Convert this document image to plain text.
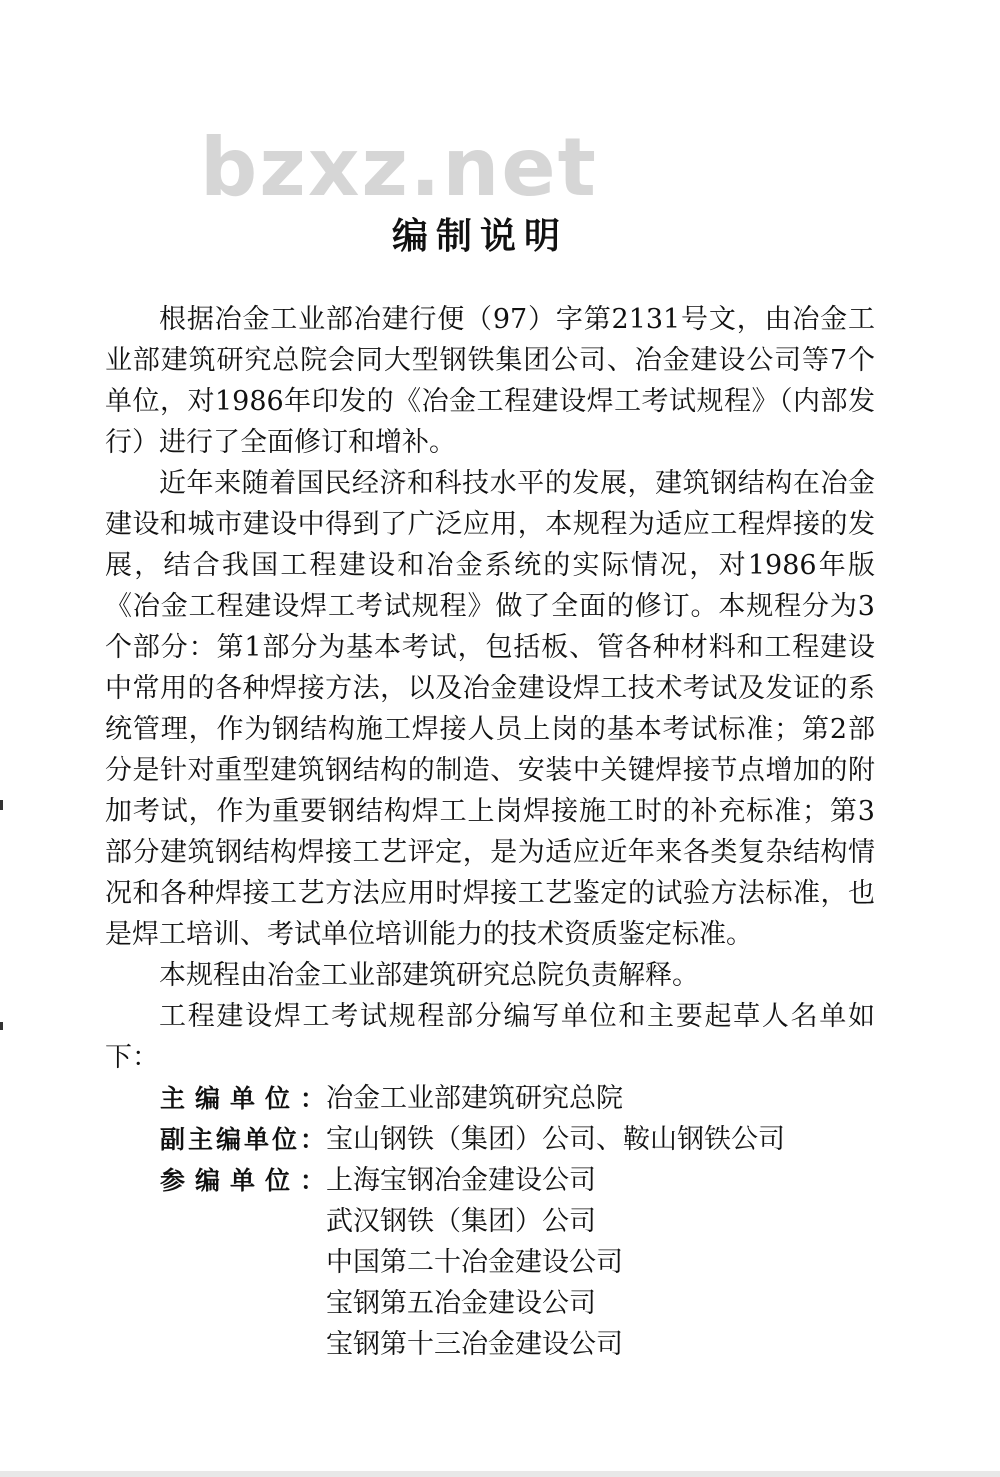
bzxz.net
编制说明

根据冶金工业部冶建行便（97）字第2131号文，由冶金工业部建筑研究总院会同大型钢铁集团公司、冶金建设公司等7个单位，对1986年印发的《冶金工程建设焊工考试规程》（内部发行）进行了全面修订和增补。

近年来随着国民经济和科技水平的发展，建筑钢结构在冶金建设和城市建设中得到了广泛应用，本规程为适应工程焊接的发展，结合我国工程建设和冶金系统的实际情况，对1986年版《冶金工程建设焊工考试规程》做了全面的修订。本规程分为3个部分：第1部分为基本考试，包括板、管各种材料和工程建设中常用的各种焊接方法，以及冶金建设焊工技术考试及发证的系统管理，作为钢结构施工焊接人员上岗的基本考试标准；第2部分是针对重型建筑钢结构的制造、安装中关键焊接节点增加的附加考试，作为重要钢结构焊工上岗焊接施工时的补充标准；第3部分建筑钢结构焊接工艺评定，是为适应近年来各类复杂结构情况和各种焊接工艺方法应用时焊接工艺鉴定的试验方法标准，也是焊工培训、考试单位培训能力的技术资质鉴定标准。

本规程由冶金工业部建筑研究总院负责解释。

工程建设焊工考试规程部分编写单位和主要起草人名单如下：

主编单位： 冶金工业部建筑研究总院
副主编单位： 宝山钢铁（集团）公司、鞍山钢铁公司
参编单位： 上海宝钢冶金建设公司
武汉钢铁（集团）公司
中国第二十冶金建设公司
宝钢第五冶金建设公司
宝钢第十三冶金建设公司
